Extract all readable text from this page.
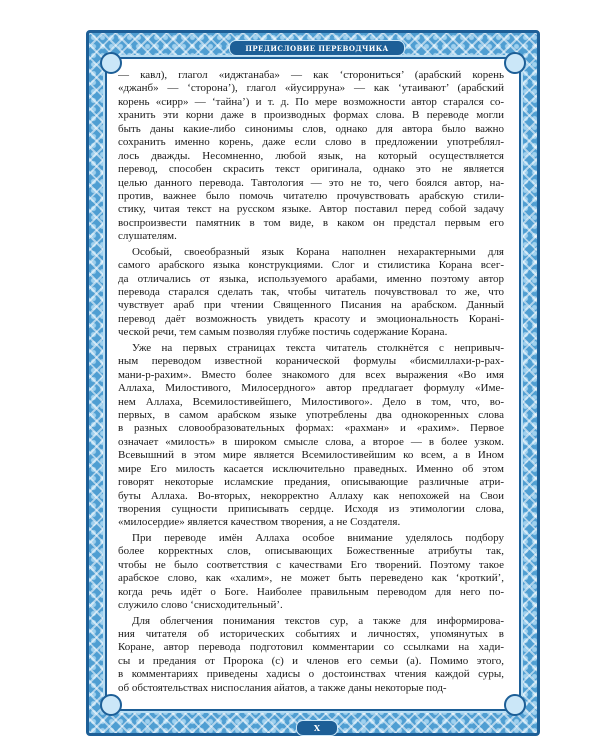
ПРЕДИСЛОВИЕ ПЕРЕВОДЧИКА
X
— кавл), глагол «иджтанаба» — как ‘сторониться’ (арабский корень
«джанб» — ‘сторона’), глагол «йусирруна» — как ‘утаивают’ (арабский
корень «сирр» — ‘тайна’) и т. д. По мере возможности автор старался со-
хранить эти корни даже в производных формах слова. В переводе могли
быть даны какие-либо синонимы слов, однако для автора было важно
сохранить именно корень, даже если слово в предложении употреблял-
лось дважды. Несомненно, любой язык, на который осуществляется
перевод, способен скрасить текст оригинала, однако это не является
целью данного перевода. Тавтология — это не то, чего боялся автор, на-
против, важнее было помочь читателю прочувствовать арабскую стили-
стику, читая текст на русском языке. Автор поставил перед собой задачу
воспроизвести памятник в том виде, в каком он предстал первым его
слушателям.
Особый, своеобразный язык Корана наполнен нехарактерными для
самого арабского языка конструкциями. Слог и стилистика Корана всег-
да отличались от языка, используемого арабами, именно поэтому автор
перевода старался сделать так, чтобы читатель почувствовал то же, что
чувствует араб при чтении Священного Писания на арабском. Данный
перевод даёт возможность увидеть красоту и эмоциональность Коранi-
ческой речи, тем самым позволяя глубже постичь содержание Корана.
Уже на первых страницах текста читатель столкнётся с непривыч-
ным переводом известной коранической формулы «бисмиллахи-р-рах-
мани-р-рахим». Вместо более знакомого для всех выражения «Во имя
Аллаха, Милостивого, Милосердного» автор предлагает формулу «Имe-
нем Аллаха, Всемилостивейшего, Милостивого». Дело в том, что, во-
первых, в самом арабском языке употреблены два однокоренных слова
в разных словообразовательных формах: «рахман» и «рахим». Первое
означает «милость» в широком смысле слова, а второе — в более узком.
Всевышний в этом мире является Всемилостивейшим ко всем, а в Ином
мире Его милость касается исключительно праведных. Именно об этом
говорят некоторые исламские предания, описывающие различные атри-
буты Аллаха. Во-вторых, некорректно Аллаху как непохожей на Свои
творения сущности приписывать сердце. Исходя из этимологии слова,
«милосердие» является качеством творения, а не Создателя.
При переводе имён Аллаха особое внимание уделялось подбору
более корректных слов, описывающих Божественные атрибуты так,
чтобы не было соответствия с качествами Его творений. Поэтому такое
арабское слово, как «халим», не может быть переведено как ‘кроткий’,
когда речь идёт о Боге. Наиболее правильным переводом для него по-
служило слово ‘снисходительный’.
Для облегчения понимания текстов сур, а также для информирова-
ния читателя об исторических событиях и личностях, упомянутых в
Коране, автор перевода подготовил комментарии со ссылками на хади-
сы и предания от Пророка (с) и членов его семьи (а). Помимо этого,
в комментариях приведены хадисы о достоинствах чтения каждой суры,
об обстоятельствах ниспослания айатов, а также даны некоторые под-
